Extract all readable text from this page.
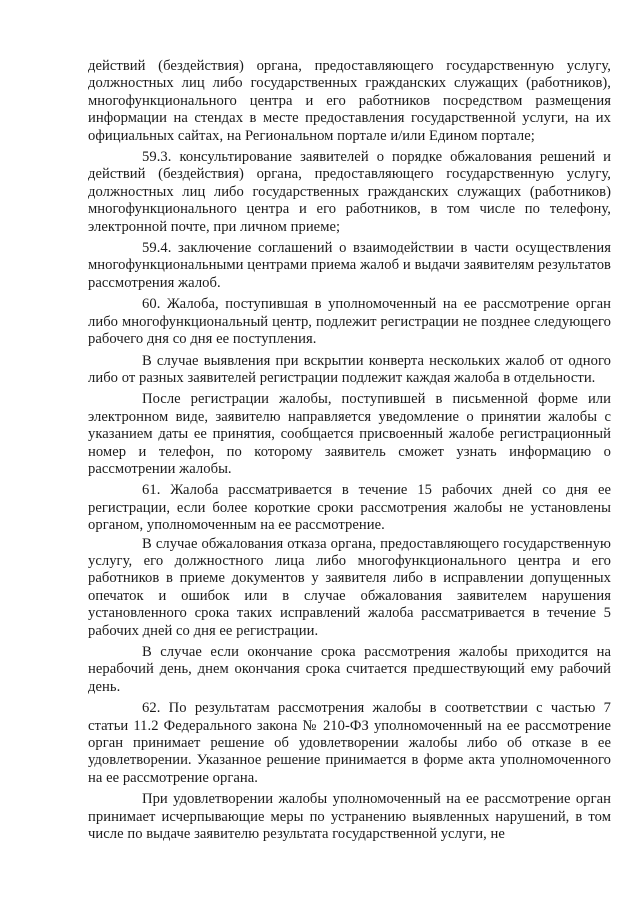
действий (бездействия) органа, предоставляющего государственную услугу, должностных лиц либо государственных гражданских служащих (работников), многофункционального центра и его работников посредством размещения информации на стендах в месте предоставления государственной услуги, на их официальных сайтах, на Региональном портале и/или Едином портале;

59.3. консультирование заявителей о порядке обжалования решений и действий (бездействия) органа, предоставляющего государственную услугу, должностных лиц либо государственных гражданских служащих (работников) многофункционального центра и его работников, в том числе по телефону, электронной почте, при личном приеме;

59.4. заключение соглашений о взаимодействии в части осуществления многофункциональными центрами приема жалоб и выдачи заявителям результатов рассмотрения жалоб.

60. Жалоба, поступившая в уполномоченный на ее рассмотрение орган либо многофункциональный центр, подлежит регистрации не позднее следующего рабочего дня со дня ее поступления.

В случае выявления при вскрытии конверта нескольких жалоб от одного либо от разных заявителей регистрации подлежит каждая жалоба в отдельности.

После регистрации жалобы, поступившей в письменной форме или электронном виде, заявителю направляется уведомление о принятии жалобы с указанием даты ее принятия, сообщается присвоенный жалобе регистрационный номер и телефон, по которому заявитель сможет узнать информацию о рассмотрении жалобы.

61. Жалоба рассматривается в течение 15 рабочих дней со дня ее регистрации, если более короткие сроки рассмотрения жалобы не установлены органом, уполномоченным на ее рассмотрение.

В случае обжалования отказа органа, предоставляющего государственную услугу, его должностного лица либо многофункционального центра и его работников в приеме документов у заявителя либо в исправлении допущенных опечаток и ошибок или в случае обжалования заявителем нарушения установленного срока таких исправлений жалоба рассматривается в течение 5 рабочих дней со дня ее регистрации.

В случае если окончание срока рассмотрения жалобы приходится на нерабочий день, днем окончания срока считается предшествующий ему рабочий день.

62. По результатам рассмотрения жалобы в соответствии с частью 7 статьи 11.2 Федерального закона № 210-ФЗ уполномоченный на ее рассмотрение орган принимает решение об удовлетворении жалобы либо об отказе в ее удовлетворении. Указанное решение принимается в форме акта уполномоченного на ее рассмотрение органа.

При удовлетворении жалобы уполномоченный на ее рассмотрение орган принимает исчерпывающие меры по устранению выявленных нарушений, в том числе по выдаче заявителю результата государственной услуги, не
